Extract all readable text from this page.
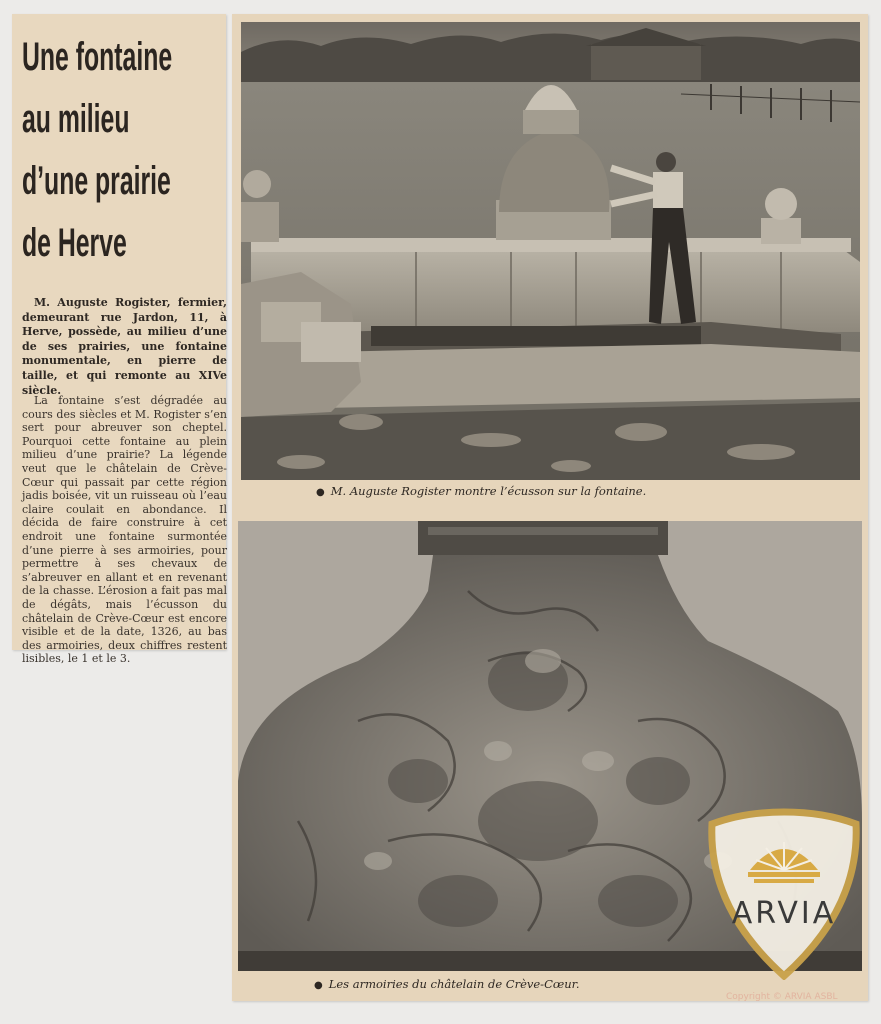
Une fontaine
au milieu
d’une prairie
de Herve

M. Auguste Rogister, fermier, demeurant rue Jardon, 11, à Herve, possède, au milieu d’une de ses prairies, une fontaine monumentale, en pierre de taille, et qui remonte au XIVe siècle.

La fontaine s’est dégradée au cours des siècles et M. Rogister s’en sert pour abreuver son cheptel. Pourquoi cette fontaine au plein milieu d’une prairie? La légende veut que le châtelain de Crève-Cœur qui passait par cette région jadis boisée, vit un ruisseau où l’eau claire coulait en abondance. Il décida de faire construire à cet endroit une fontaine surmontée d’une pierre à ses armoiries, pour permettre à ses chevaux de s’abreuver en allant et en revenant de la chasse. L’érosion a fait pas mal de dégâts, mais l’écusson du châtelain de Crève-Cœur est encore visible et de la date, 1326, au bas des armoiries, deux chiffres restent lisibles, le 1 et le 3.

● M. Auguste Rogister montre l’écusson sur la fontaine.
● Les armoiries du châtelain de Crève-Cœur.
ARVIA
Copyright © ARVIA ASBL
